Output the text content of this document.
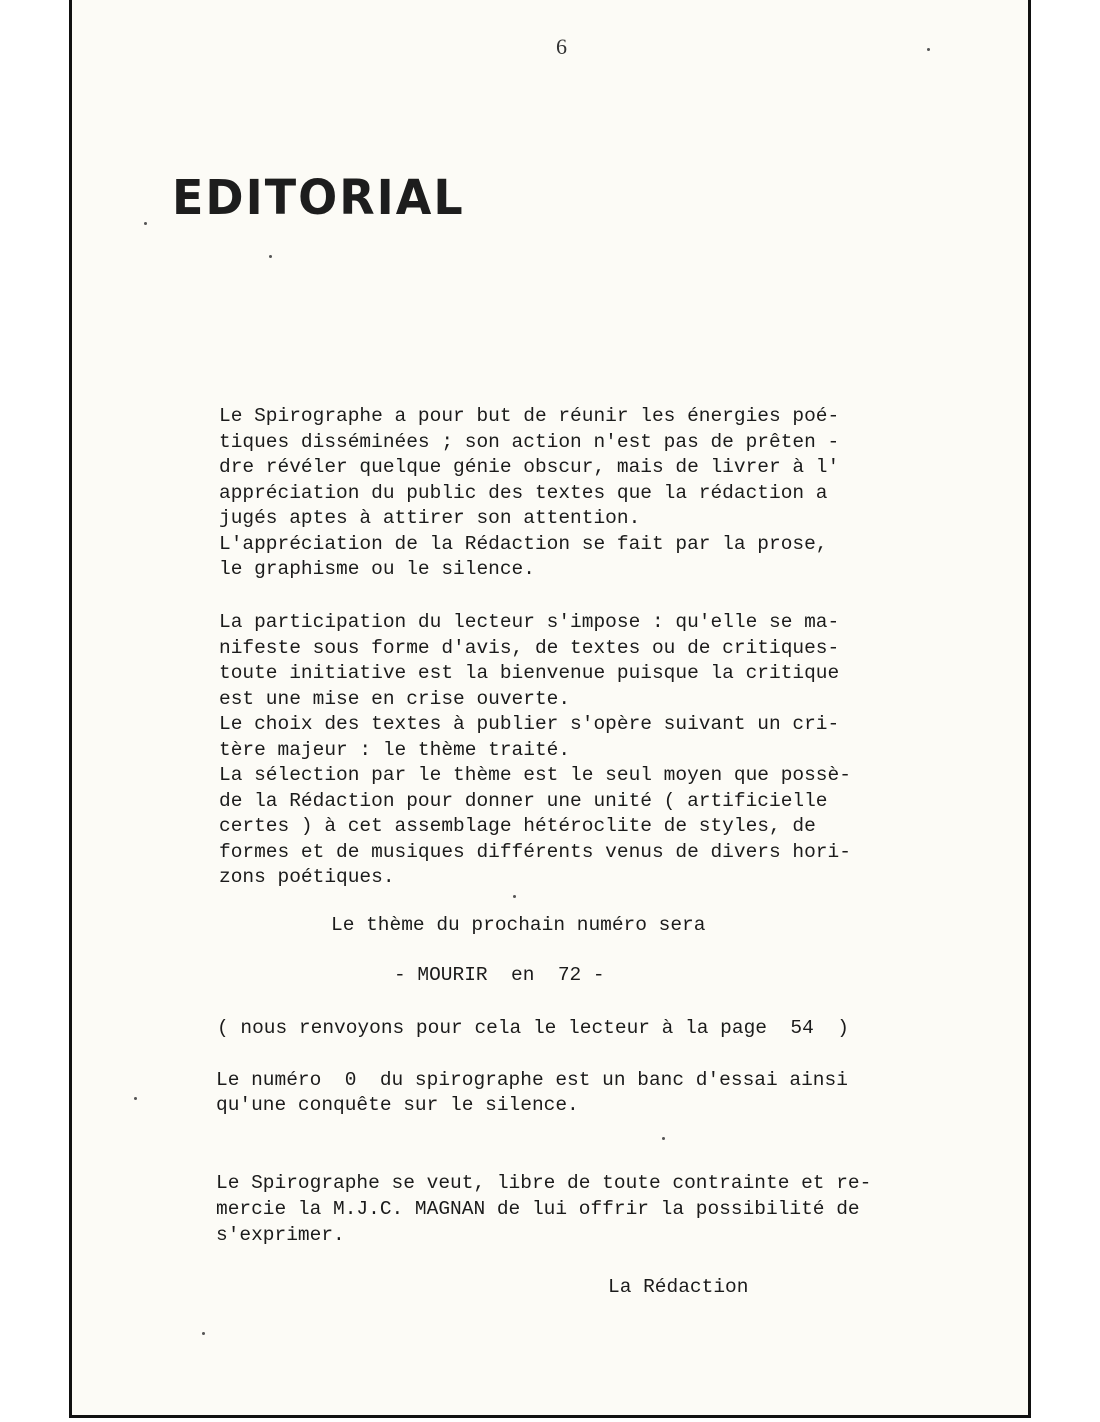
6
EDITORIAL

Le Spirographe a pour but de réunir les énergies poé-
tiques disséminées ; son action n'est pas de prêten -
dre révéler quelque génie obscur, mais de livrer à l'
appréciation du public des textes que la rédaction a
jugés aptes à attirer son attention.
L'appréciation de la Rédaction se fait par la prose,
le graphisme ou le silence.

La participation du lecteur s'impose : qu'elle se ma-
nifeste sous forme d'avis, de textes ou de critiques-
toute initiative est la bienvenue puisque la critique
est une mise en crise ouverte.
Le choix des textes à publier s'opère suivant un cri-
tère majeur : le thème traité.
La sélection par le thème est le seul moyen que possè-
de la Rédaction pour donner une unité ( artificielle
certes ) à cet assemblage hétéroclite de styles, de
formes et de musiques différents venus de divers hori-
zons poétiques.

Le thème du prochain numéro sera
- MOURIR  en  72 -
( nous renvoyons pour cela le lecteur à la page  54  )

Le numéro  0  du spirographe est un banc d'essai ainsi
qu'une conquête sur le silence.

Le Spirographe se veut, libre de toute contrainte et re-
mercie la M.J.C. MAGNAN de lui offrir la possibilité de
s'exprimer.

La Rédaction
